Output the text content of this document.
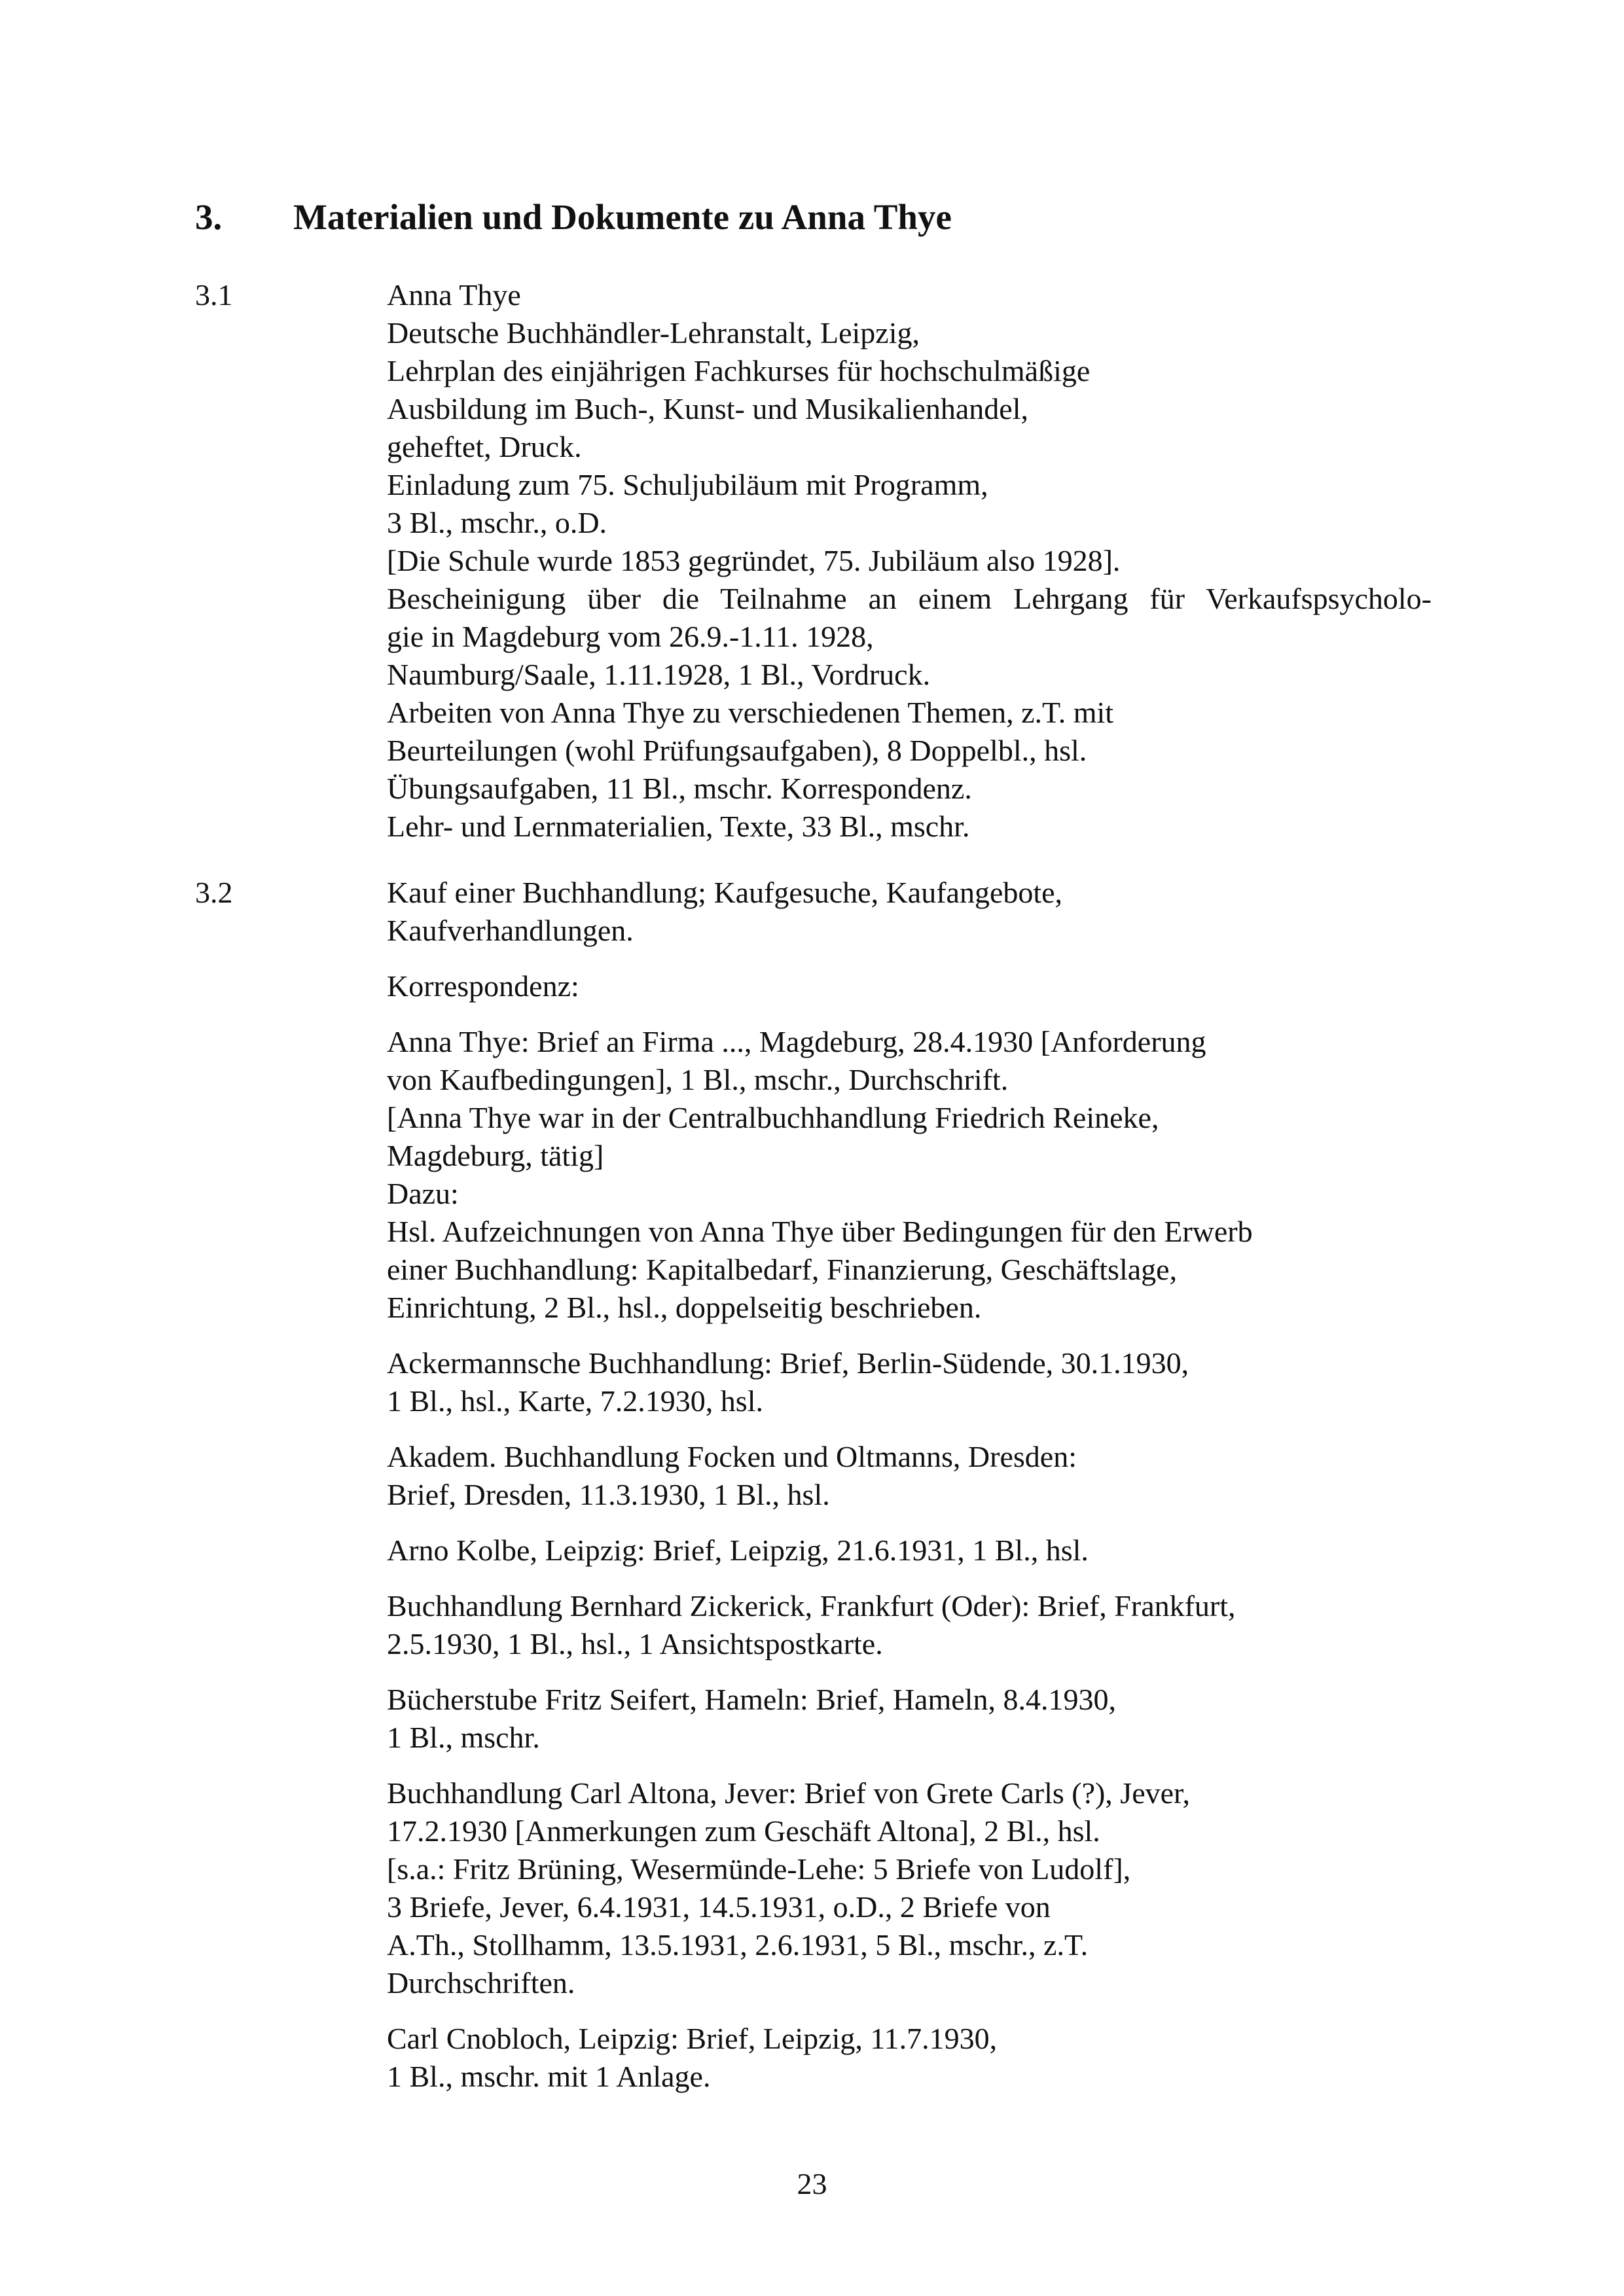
3. Materialien und Dokumente zu Anna Thye
3.1	Anna Thye
Deutsche Buchhändler-Lehranstalt, Leipzig,
Lehrplan des einjährigen Fachkurses für hochschulmäßige
Ausbildung im Buch-, Kunst- und Musikalienhandel,
geheftet, Druck.
Einladung zum 75. Schuljubiläum mit Programm,
3 Bl., mschr., o.D.
[Die Schule wurde 1853 gegründet, 75. Jubiläum also 1928].
Bescheinigung über die Teilnahme an einem Lehrgang für Verkaufspsycholo-
gie in Magdeburg vom 26.9.-1.11. 1928,
Naumburg/Saale, 1.11.1928, 1 Bl., Vordruck.
Arbeiten von Anna Thye zu verschiedenen Themen, z.T. mit
Beurteilungen (wohl Prüfungsaufgaben), 8 Doppelbl., hsl.
Übungsaufgaben, 11 Bl., mschr. Korrespondenz.
Lehr- und Lernmaterialien, Texte, 33 Bl., mschr.
3.2	Kauf einer Buchhandlung; Kaufgesuche, Kaufangebote,
Kaufverhandlungen.
Korrespondenz:
Anna Thye: Brief an Firma ..., Magdeburg, 28.4.1930 [Anforderung
von Kaufbedingungen], 1 Bl., mschr., Durchschrift.
[Anna Thye war in der Centralbuchhandlung Friedrich Reineke,
Magdeburg, tätig]
Dazu:
Hsl. Aufzeichnungen von Anna Thye über Bedingungen für den Erwerb
einer Buchhandlung: Kapitalbedarf, Finanzierung, Geschäftslage,
Einrichtung, 2 Bl., hsl., doppelseitig beschrieben.
Ackermannsche Buchhandlung: Brief, Berlin-Südende, 30.1.1930,
1 Bl., hsl., Karte, 7.2.1930, hsl.
Akadem. Buchhandlung Focken und Oltmanns, Dresden:
Brief, Dresden, 11.3.1930, 1 Bl., hsl.
Arno Kolbe, Leipzig: Brief, Leipzig, 21.6.1931, 1 Bl., hsl.
Buchhandlung Bernhard Zickerick, Frankfurt (Oder): Brief, Frankfurt,
2.5.1930, 1 Bl., hsl., 1 Ansichtspostkarte.
Bücherstube Fritz Seifert, Hameln: Brief, Hameln, 8.4.1930,
1 Bl., mschr.
Buchhandlung Carl Altona, Jever: Brief von Grete Carls (?), Jever,
17.2.1930 [Anmerkungen zum Geschäft Altona], 2 Bl., hsl.
[s.a.: Fritz Brüning, Wesermünde-Lehe: 5 Briefe von Ludolf],
3 Briefe, Jever, 6.4.1931, 14.5.1931, o.D., 2 Briefe von
A.Th., Stollhamm, 13.5.1931, 2.6.1931, 5 Bl., mschr., z.T.
Durchschriften.
Carl Cnobloch, Leipzig: Brief, Leipzig, 11.7.1930,
1 Bl., mschr. mit 1 Anlage.
23
